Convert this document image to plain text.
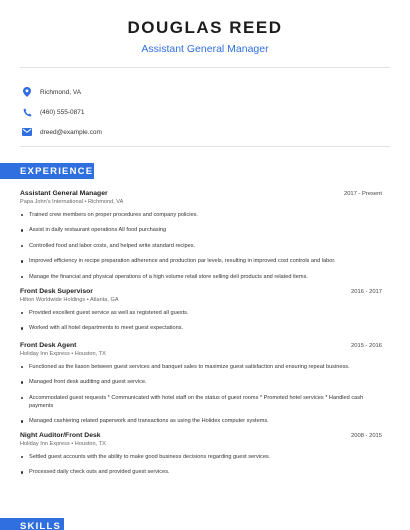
DOUGLAS REED
Assistant General Manager
Richmond, VA
(460) 555-0871
dreed@example.com
EXPERIENCE
Assistant General Manager	2017 - Present
Papa John's International • Richmond, VA
Trained crew members on proper procedures and company policies.
Assist in daily restaurant operations All food purchasing
Controlled food and labor costs, and helped write standard recipes.
Improved efficiency in recipe preparation adherence and production par levels, resulting in improved cost controls and labor.
Manage the financial and physical operations of a high volume retail store selling deli products and related items.
Front Desk Supervisor	2016 - 2017
Hilton Worldwide Holdings • Atlanta, GA
Provided excellent guest service as well as registered all guests.
Worked with all hotel departments to meet guest expectations.
Front Desk Agent	2015 - 2016
Holiday Inn Express • Houston, TX
Functioned as the liason between guest services and banquet sales to maximize guest satisfaction and ensuring repeat business.
Managed front desk auditing and guest service.
Accommodated guest requests * Communicated with hotel staff on the status of guest rooms * Promoted hotel services * Handled cash payments
Managed cashiering related paperwork and transactions as using the Holidex computer systems.
Night Auditor/Front Desk	2008 - 2015
Holiday Inn Express • Houston, TX
Settled guest accounts with the ability to make good business decisions regarding guest services.
Processed daily check outs and provided guest services.
SKILLS
